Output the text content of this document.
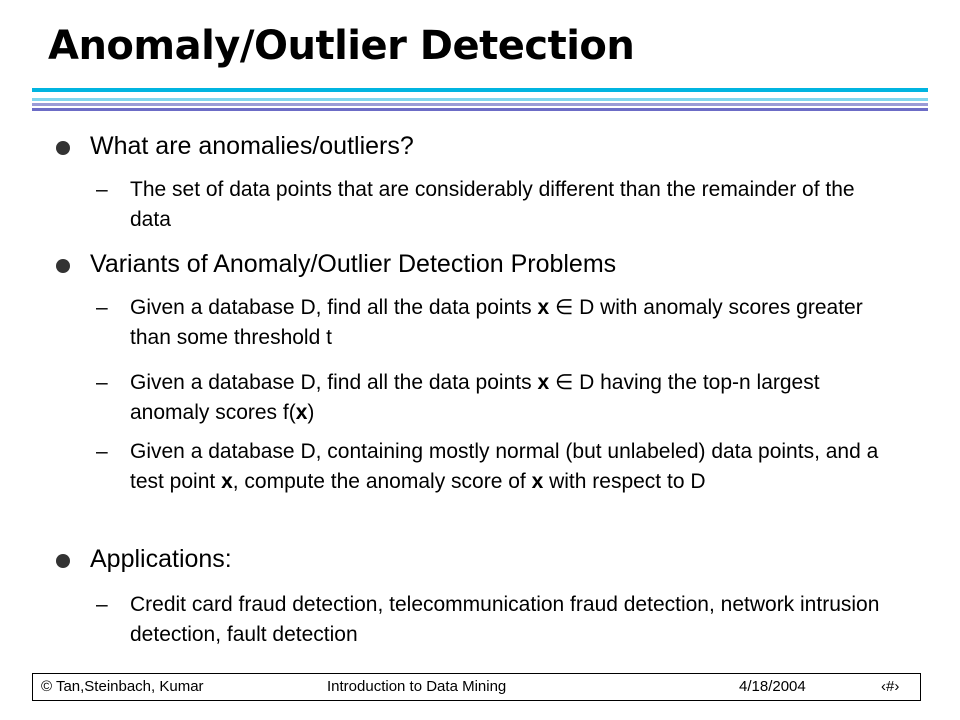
Anomaly/Outlier Detection
What are anomalies/outliers?
– The set of data points that are considerably different than the remainder of the data
Variants of Anomaly/Outlier Detection Problems
– Given a database D, find all the data points x ∈ D with anomaly scores greater than some threshold t
– Given a database D, find all the data points x ∈ D having the top-n largest anomaly scores f(x)
– Given a database D, containing mostly normal (but unlabeled) data points, and a test point x, compute the anomaly score of x with respect to D
Applications:
– Credit card fraud detection, telecommunication fraud detection, network intrusion detection, fault detection
© Tan,Steinbach, Kumar	Introduction to Data Mining	4/18/2004	‹#›
